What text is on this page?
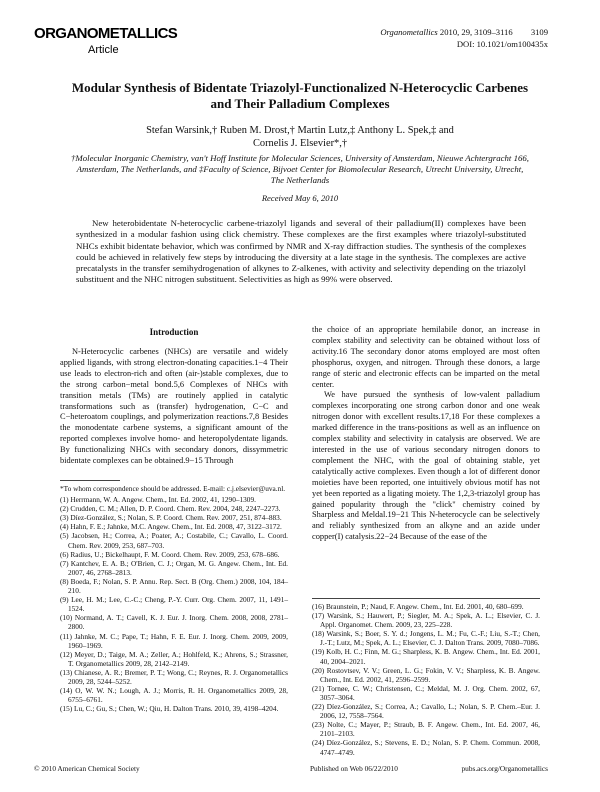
ORGANOMETALLICS
Article
Organometallics 2010, 29, 3109–3116 3109
DOI: 10.1021/om100435x
Modular Synthesis of Bidentate Triazolyl-Functionalized N-Heterocyclic Carbenes and Their Palladium Complexes
Stefan Warsink,† Ruben M. Drost,† Martin Lutz,‡ Anthony L. Spek,‡ and
Cornelis J. Elsevier*,†
†Molecular Inorganic Chemistry, van't Hoff Institute for Molecular Sciences, University of Amsterdam, Nieuwe Achtergracht 166, Amsterdam, The Netherlands, and ‡Faculty of Science, Bijvoet Center for Biomolecular Research, Utrecht University, Utrecht, The Netherlands
Received May 6, 2010
New heterobidentate N-heterocyclic carbene-triazolyl ligands and several of their palladium(II) complexes have been synthesized in a modular fashion using click chemistry. These complexes are the first examples where triazolyl-substituted NHCs exhibit bidentate behavior, which was confirmed by NMR and X-ray diffraction studies. The synthesis of the complexes could be achieved in relatively few steps by introducing the diversity at a late stage in the synthesis. The complexes are active precatalysts in the transfer semihydrogenation of alkynes to Z-alkenes, with activity and selectivity depending on the triazolyl substituent and the NHC nitrogen substituent. Selectivities as high as 99% were observed.
Introduction

N-Heterocyclic carbenes (NHCs) are versatile and widely applied ligands, with strong electron-donating capacities.1−4 Their use leads to electron-rich and often (air-)stable complexes, due to the strong carbon−metal bond.5,6 Complexes of NHCs with transition metals (TMs) are routinely applied in catalytic transformations such as (transfer) hydrogenation, C−C and C−heteroatom couplings, and polymerization reactions.7,8 Besides the monodentate carbene systems, a significant amount of the reported complexes involve homo- and heteropolydentate ligands. By functionalizing NHCs with secondary donors, dissymmetric bidentate complexes can be obtained.9−15 Through

*To whom correspondence should be addressed. E-mail: c.j.elsevier@uva.nl.
(1) Herrmann, W. A. Angew. Chem., Int. Ed. 2002, 41, 1290–1309.
(2) Crudden, C. M.; Allen, D. P. Coord. Chem. Rev. 2004, 248, 2247–2273.
(3) Díez-González, S.; Nolan, S. P. Coord. Chem. Rev. 2007, 251, 874–883.
(4) Hahn, F. E.; Jahnke, M.C. Angew. Chem., Int. Ed. 2008, 47, 3122–3172.
(5) Jacobsen, H.; Correa, A.; Poater, A.; Costabile, C.; Cavallo, L. Coord. Chem. Rev. 2009, 253, 687–703.
(6) Radius, U.; Bickelhaupt, F. M. Coord. Chem. Rev. 2009, 253, 678–686.
(7) Kantchev, E. A. B.; O'Brien, C. J.; Organ, M. G. Angew. Chem., Int. Ed. 2007, 46, 2768–2813.
(8) Boeda, F.; Nolan, S. P. Annu. Rep. Sect. B (Org. Chem.) 2008, 104, 184–210.
(9) Lee, H. M.; Lee, C.-C.; Cheng, P.-Y. Curr. Org. Chem. 2007, 11, 1491–1524.
(10) Normand, A. T.; Cavell, K. J. Eur. J. Inorg. Chem. 2008, 2008, 2781–2800.
(11) Jahnke, M. C.; Pape, T.; Hahn, F. E. Eur. J. Inorg. Chem. 2009, 2009, 1960–1969.
(12) Meyer, D.; Taige, M. A.; Zeller, A.; Hohlfeld, K.; Ahrens, S.; Strassner, T. Organometallics 2009, 28, 2142–2149.
(13) Chianese, A. R.; Bremer, P. T.; Wong, C.; Reynes, R. J. Organometallics 2009, 28, 5244–5252.
(14) O, W. W. N.; Lough, A. J.; Morris, R. H. Organometallics 2009, 28, 6755–6761.
(15) Lu, C.; Gu, S.; Chen, W.; Qiu, H. Dalton Trans. 2010, 39, 4198–4204.

the choice of an appropriate hemilabile donor, an increase in complex stability and selectivity can be obtained without loss of activity.16 The secondary donor atoms employed are most often phosphorus, oxygen, and nitrogen. Through these donors, a large range of steric and electronic effects can be imparted on the metal center.

We have pursued the synthesis of low-valent palladium complexes incorporating one strong carbon donor and one weak nitrogen donor with excellent results.17,18 For these complexes a marked difference in the trans-positions as well as an influence on complex stability and selectivity in catalysis are observed. We are interested in the use of various secondary nitrogen donors to complement the NHC, with the goal of obtaining stable, yet catalytically active complexes. Even though a lot of different donor moieties have been reported, one intuitively obvious motif has not yet been reported as a ligating moiety. The 1,2,3-triazolyl group has gained popularity through the "click" chemistry coined by Sharpless and Meldal.19−21 This N-heterocycle can be selectively and reliably synthesized from an alkyne and an azide under copper(I) catalysis.22−24 Because of the ease of the

(16) Braunstein, P.; Naud, F. Angew. Chem., Int. Ed. 2001, 40, 680–699.
(17) Warsink, S.; Hauwert, P.; Siegler, M. A.; Spek, A. L.; Elsevier, C. J. Appl. Organomet. Chem. 2009, 23, 225–228.
(18) Warsink, S.; Boer, S. Y. d.; Jongens, L. M.; Fu, C.-F.; Liu, S.-T.; Chen, J.-T.; Lutz, M.; Spek, A. L.; Elsevier, C. J. Dalton Trans. 2009, 7080–7086.
(19) Kolb, H. C.; Finn, M. G.; Sharpless, K. B. Angew. Chem., Int. Ed. 2001, 40, 2004–2021.
(20) Rostovtsev, V. V.; Green, L. G.; Fokin, V. V.; Sharpless, K. B. Angew. Chem., Int. Ed. 2002, 41, 2596–2599.
(21) Tornøe, C. W.; Christensen, C.; Meldal, M. J. Org. Chem. 2002, 67, 3057–3064.
(22) Díez-González, S.; Correa, A.; Cavallo, L.; Nolan, S. P. Chem.–Eur. J. 2006, 12, 7558–7564.
(23) Nolte, C.; Mayer, P.; Straub, B. F. Angew. Chem., Int. Ed. 2007, 46, 2101–2103.
(24) Díez-González, S.; Stevens, E. D.; Nolan, S. P. Chem. Commun. 2008, 4747–4749.
© 2010 American Chemical Society	Published on Web 06/22/2010	pubs.acs.org/Organometallics
